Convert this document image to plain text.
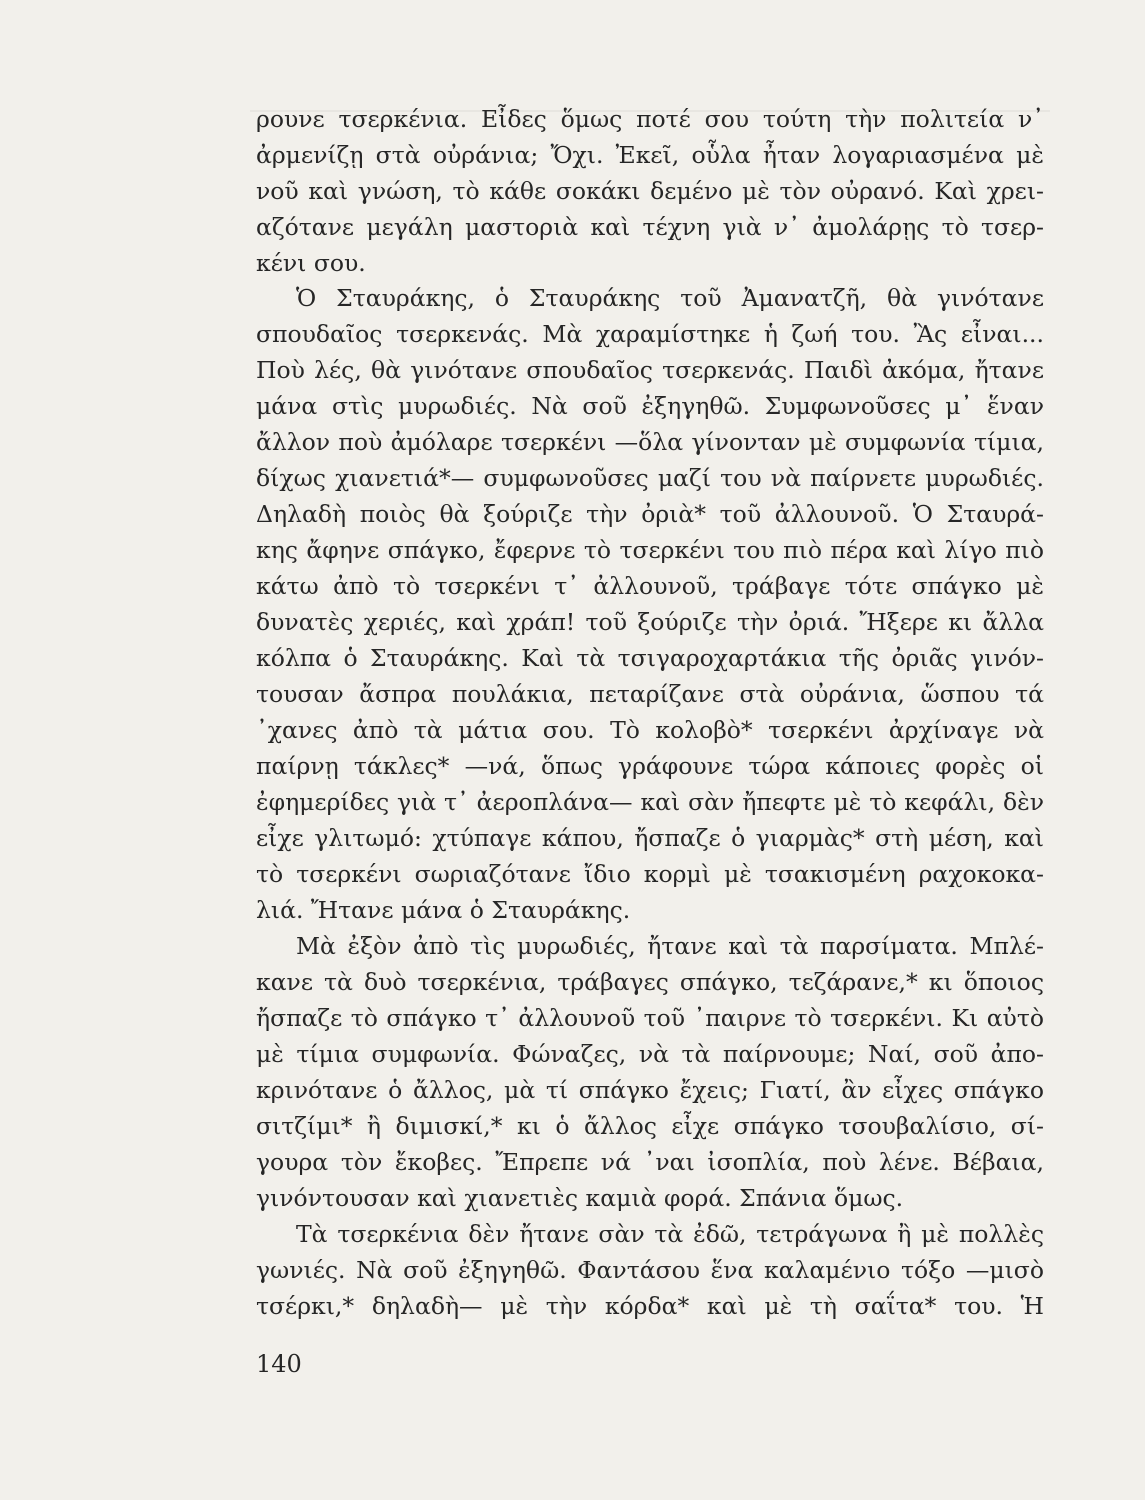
ρουνε τσερκένια. Εἶδες ὅμως ποτέ σου τούτη τὴν πολιτεία ν᾽
ἀρμενίζῃ στὰ οὐράνια; Ὄχι. Ἐκεῖ, οὗλα ἦταν λογαριασμένα μὲ
νοῦ καὶ γνώση, τὸ κάθε σοκάκι δεμένο μὲ τὸν οὐρανό. Καὶ χρει-
αζότανε μεγάλη μαστοριὰ καὶ τέχνη γιὰ ν᾽ ἀμολάρῃς τὸ τσερ-
κένι σου.
Ὁ Σταυράκης, ὁ Σταυράκης τοῦ Ἀμανατζῆ, θὰ γινότανε
σπουδαῖος τσερκενάς. Μὰ χαραμίστηκε ἡ ζωή του. Ἂς εἶναι...
Ποὺ λές, θὰ γινότανε σπουδαῖος τσερκενάς. Παιδὶ ἀκόμα, ἤτανε
μάνα στὶς μυρωδιές. Νὰ σοῦ ἐξηγηθῶ. Συμφωνοῦσες μ᾽ ἕναν
ἄλλον ποὺ ἀμόλαρε τσερκένι —ὅλα γίνονταν μὲ συμφωνία τίμια,
δίχως χιανετιά*— συμφωνοῦσες μαζί του νὰ παίρνετε μυρωδιές.
Δηλαδὴ ποιὸς θὰ ξούριζε τὴν ὀριὰ* τοῦ ἀλλουνοῦ. Ὁ Σταυρά-
κης ἄφηνε σπάγκο, ἔφερνε τὸ τσερκένι του πιὸ πέρα καὶ λίγο πιὸ
κάτω ἀπὸ τὸ τσερκένι τ᾽ ἀλλουνοῦ, τράβαγε τότε σπάγκο μὲ
δυνατὲς χεριές, καὶ χράπ! τοῦ ξούριζε τὴν ὀριά. Ἤξερε κι ἄλλα
κόλπα ὁ Σταυράκης. Καὶ τὰ τσιγαροχαρτάκια τῆς ὀριᾶς γινόν-
τουσαν ἄσπρα πουλάκια, πεταρίζανε στὰ οὐράνια, ὥσπου τά
᾽χανες ἀπὸ τὰ μάτια σου. Τὸ κολοβὸ* τσερκένι ἀρχίναγε νὰ
παίρνῃ τάκλες* —νά, ὅπως γράφουνε τώρα κάποιες φορὲς οἱ
ἐφημερίδες γιὰ τ᾽ ἀεροπλάνα— καὶ σὰν ἤπεφτε μὲ τὸ κεφάλι, δὲν
εἶχε γλιτωμό: χτύπαγε κάπου, ἤσπαζε ὁ γιαρμὰς* στὴ μέση, καὶ
τὸ τσερκένι σωριαζότανε ἴδιο κορμὶ μὲ τσακισμένη ραχοκοκα-
λιά. Ἤτανε μάνα ὁ Σταυράκης.
Μὰ ἐξὸν ἀπὸ τὶς μυρωδιές, ἤτανε καὶ τὰ παρσίματα. Μπλέ-
κανε τὰ δυὸ τσερκένια, τράβαγες σπάγκο, τεζάρανε,* κι ὅποιος
ἤσπαζε τὸ σπάγκο τ᾽ ἀλλουνοῦ τοῦ ᾽παιρνε τὸ τσερκένι. Κι αὐτὸ
μὲ τίμια συμφωνία. Φώναζες, νὰ τὰ παίρνουμε; Ναί, σοῦ ἀπο-
κρινότανε ὁ ἄλλος, μὰ τί σπάγκο ἔχεις; Γιατί, ἂν εἶχες σπάγκο
σιτζίμι* ἢ διμισκί,* κι ὁ ἄλλος εἶχε σπάγκο τσουβαλίσιο, σί-
γουρα τὸν ἔκοβες. Ἔπρεπε νά ᾽ναι ἰσοπλία, ποὺ λένε. Βέβαια,
γινόντουσαν καὶ χιανετιὲς καμιὰ φορά. Σπάνια ὅμως.
Τὰ τσερκένια δὲν ἤτανε σὰν τὰ ἐδῶ, τετράγωνα ἢ μὲ πολλὲς
γωνιές. Νὰ σοῦ ἐξηγηθῶ. Φαντάσου ἕνα καλαμένιο τόξο —μισὸ
τσέρκι,* δηλαδὴ— μὲ τὴν κόρδα* καὶ μὲ τὴ σαΐτα* του. Ἡ
140
